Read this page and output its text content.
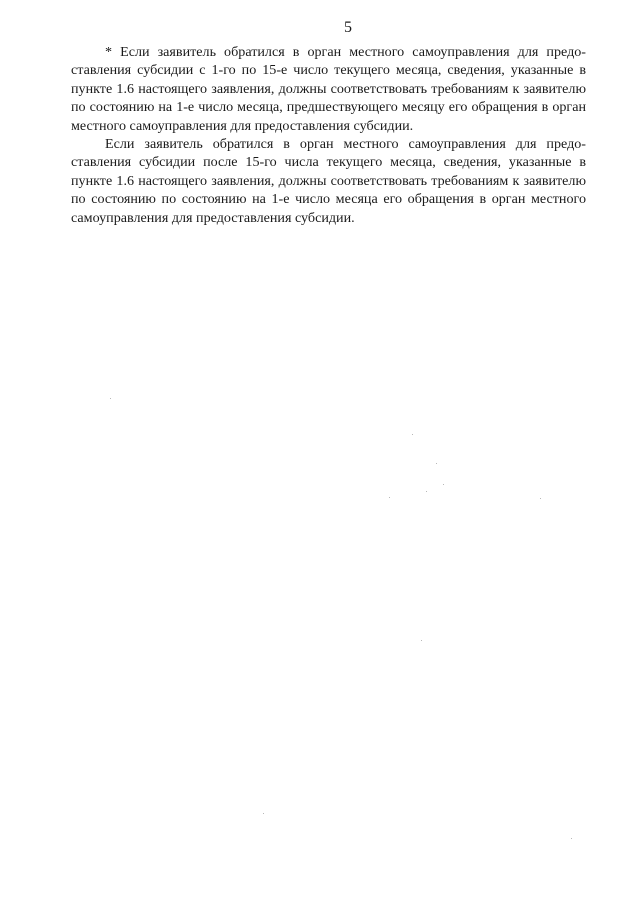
5

* Если заявитель обратился в орган местного самоуправления для предоставления субсидии с 1-го по 15-е число текущего месяца, сведения, указанные в пункте 1.6 настоящего заявления, должны соответствовать требованиям к заявителю по состоянию на 1-е число месяца, предшествующего месяцу его обращения в орган местного самоуправления для предоставления субсидии.

Если заявитель обратился в орган местного самоуправления для предоставления субсидии после 15-го числа текущего месяца, сведения, указанные в пункте 1.6 настоящего заявления, должны соответствовать требованиям к заявителю по состоянию по состоянию на 1-е число месяца его обращения в орган местного самоуправления для предоставления субсидии.
